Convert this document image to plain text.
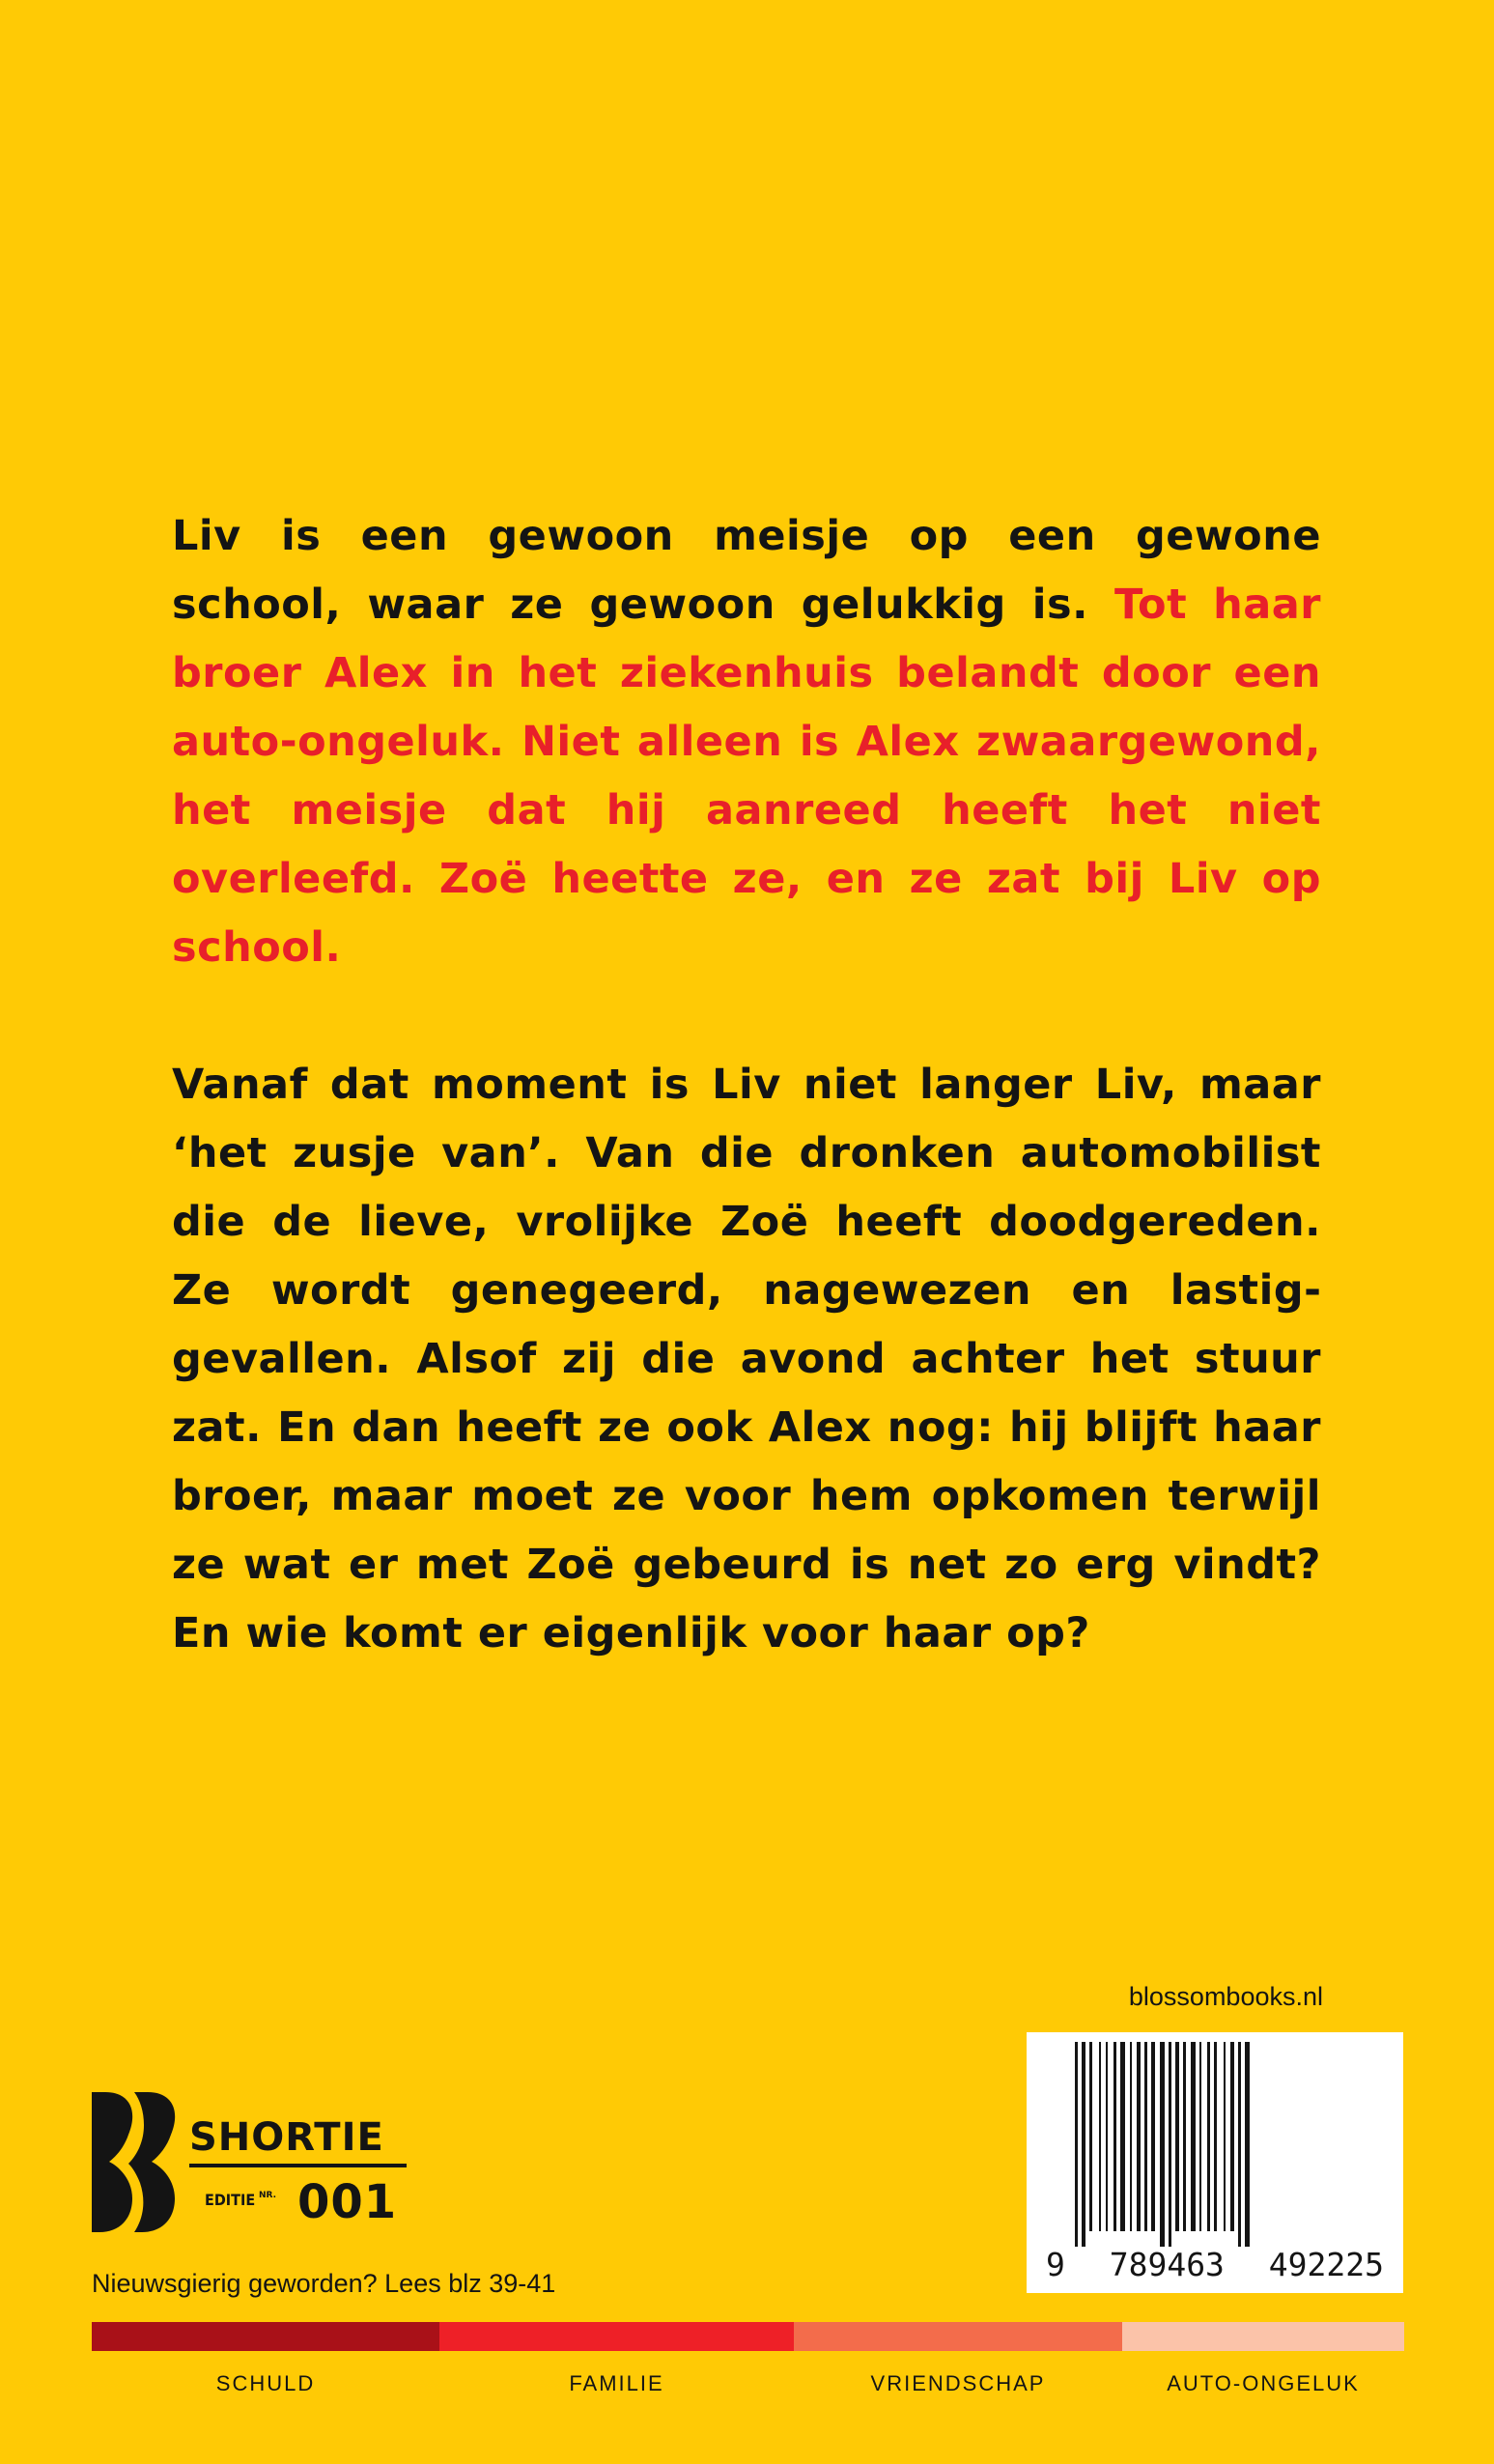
Liv is een gewoon meisje op een gewone school, waar ze gewoon gelukkig is. Tot haar broer Alex in het ziekenhuis belandt door een auto-ongeluk. Niet alleen is Alex zwaargewond, het meisje dat hij aanreed heeft het niet overleefd. Zoë heette ze, en ze zat bij Liv op school.

Vanaf dat moment is Liv niet langer Liv, maar ‘het zusje van’. Van die dronken automobilist die de lieve, vrolijke Zoë heeft doodgereden. Ze wordt genegeerd, nagewezen en lastiggevallen. Alsof zij die avond achter het stuur zat. En dan heeft ze ook Alex nog: hij blijft haar broer, maar moet ze voor hem opkomen terwijl ze wat er met Zoë gebeurd is net zo erg vindt? En wie komt er eigenlijk voor haar op?

blossombooks.nl
9 789463 492225
SHORTIE
EDITIE NR. 001
Nieuwsgierig geworden? Lees blz 39-41
SCHULD	FAMILIE	VRIENDSCHAP	AUTO-ONGELUK
